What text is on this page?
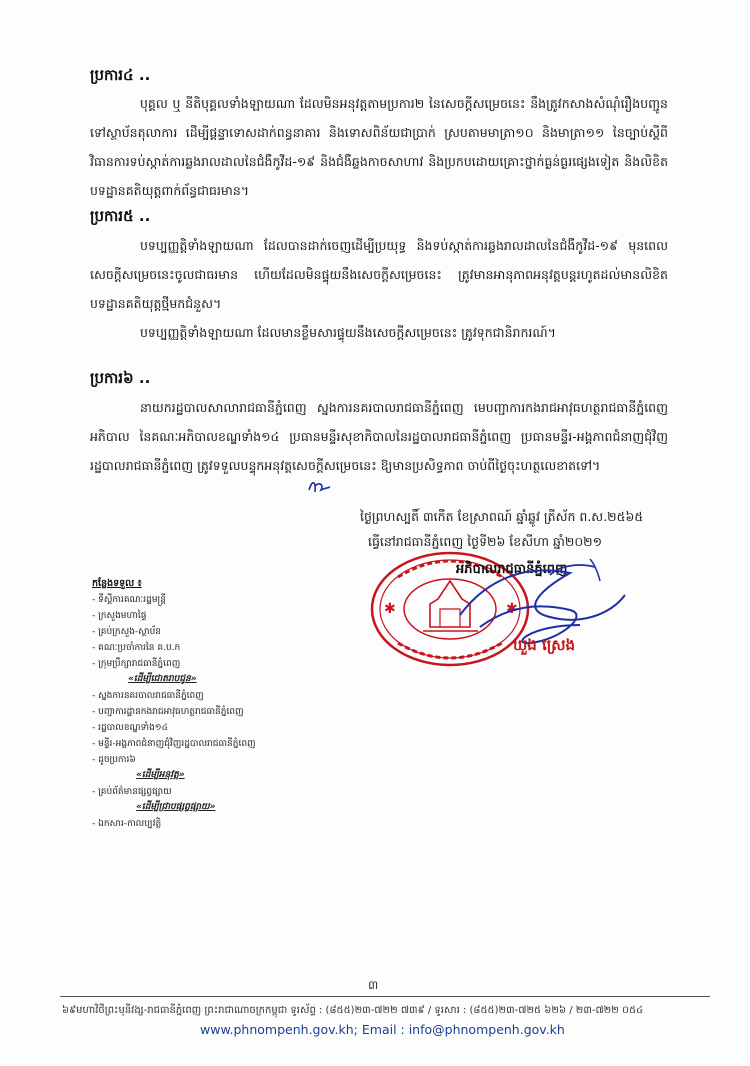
ប្រការ៤ ..
បុគ្គល ឬ នីតិបុគ្គលទាំងឡាយណា ដែលមិនអនុវត្តតាមប្រការ២ នៃសេចក្តីសម្រេចនេះ នឹងត្រូវកសាងសំណុំរឿងបញ្ជូនទៅស្ថាប័នតុលាការ ដើម្បីផ្តន្ទាទោសដាក់ពន្ធនាគារ និងទោសពិន័យជាប្រាក់ ស្របតាមមាត្រា១០ និងមាត្រា១១ នៃច្បាប់ស្តីពីវិធានការទប់ស្កាត់ការឆ្លងរាលដាលនៃជំងឺកូវីដ-១៩ និងជំងឺឆ្លងកាចសាហាវ និងប្រកបដោយគ្រោះថ្នាក់ធ្ងន់ធ្ងរផ្សេងទៀត និងលិខិតបទដ្ឋានគតិយុត្តពាក់ព័ន្ធជាធរមាន។
ប្រការ៥ ..
បទប្បញ្ញត្តិទាំងឡាយណា ដែលបានដាក់ចេញដើម្បីប្រយុទ្ធ និងទប់ស្កាត់ការឆ្លងរាលដាលនៃជំងឺកូវីដ-១៩ មុនពេលសេចក្តីសម្រេចនេះចូលជាធរមាន ហើយដែលមិនផ្ទុយនឹងសេចក្តីសម្រេចនេះ ត្រូវមានអានុភាពអនុវត្តបន្តរហូតដល់មានលិខិតបទដ្ឋានគតិយុត្តថ្មីមកជំនួស។
បទប្បញ្ញត្តិទាំងឡាយណា ដែលមានខ្លឹមសារផ្ទុយនឹងសេចក្តីសម្រេចនេះ ត្រូវទុកជានិរាករណ៍។
ប្រការ៦ ..
នាយករដ្ឋបាលសាលារាជធានីភ្នំពេញ ស្នងការនគរបាលរាជធានីភ្នំពេញ មេបញ្ជាការកងរាជអាវុធហត្ថរាជធានីភ្នំពេញ អភិបាល នៃគណៈអភិបាលខណ្ឌទាំង១៤ ប្រធានមន្ទីរសុខាភិបាលនៃរដ្ឋបាលរាជធានីភ្នំពេញ ប្រធានមន្ទីរ-អង្គភាពជំនាញជុំវិញរដ្ឋបាលរាជធានីភ្នំពេញ ត្រូវទទួលបន្ទុកអនុវត្តសេចក្តីសម្រេចនេះ ឱ្យមានប្រសិទ្ធភាព ចាប់ពីថ្ងៃចុះហត្ថលេខាតទៅ។
ថ្ងៃព្រហស្បតិ៍ ៣កើត ខែស្រាពណ៍ ឆ្នាំឆ្លូវ ត្រីស័ក ព.ស.២៥៦៥
ធ្វើនៅរាជធានីភ្នំពេញ ថ្ងៃទី២៦ ខែសីហា ឆ្នាំ២០២១
✱	✱
អភិបាលរាជធានីភ្នំពេញ
ឃួង ស្រេង
កន្លែងទទួល ៖
- ទីស្តីការគណៈរដ្ឋមន្ត្រី
- ក្រសួងមហាផ្ទៃ
- គ្រប់ក្រសួង-ស្ថាប័ន
- គណៈប្រចាំការនៃ គ.ប.ក
- ក្រុមប្រឹក្សារាជធានីភ្នំពេញ
«ដើម្បីជោតរាបជូន»
- ស្នងការនគរបាលរាជធានីភ្នំពេញ
- បញ្ជាការដ្ឋានកងរាជអាវុធហត្ថរាជធានីភ្នំពេញ
- រដ្ឋបាលខណ្ឌទាំង១៤
- មន្ទីរ-អង្គភាពជំនាញជុំវិញរដ្ឋបាលរាជធានីភ្នំពេញ
- ដូចប្រការ៦
«ដើម្បីអនុវត្ត»
- គ្រប់ព័ត៌មានផ្សព្វផ្សាយ
«ដើម្បីជ្រាបផ្សព្វផ្សាយ»
- ឯកសារ-កាលប្បវត្តិ
៣
៦៩មហាវិថីព្រះមុនីវង្ស-រាជធានីភ្នំពេញ ព្រះរាជាណាចក្រកម្ពុជា ទូរស័ព្ទ : (៨៥៥)២៣-៧២២ ៧៣៩ / ទូរសារ : (៨៥៥)២៣-៧២៥ ៦២៦ / ២៣-៧២២ ០៥៤
www.phnompenh.gov.kh; Email : info@phnompenh.gov.kh
